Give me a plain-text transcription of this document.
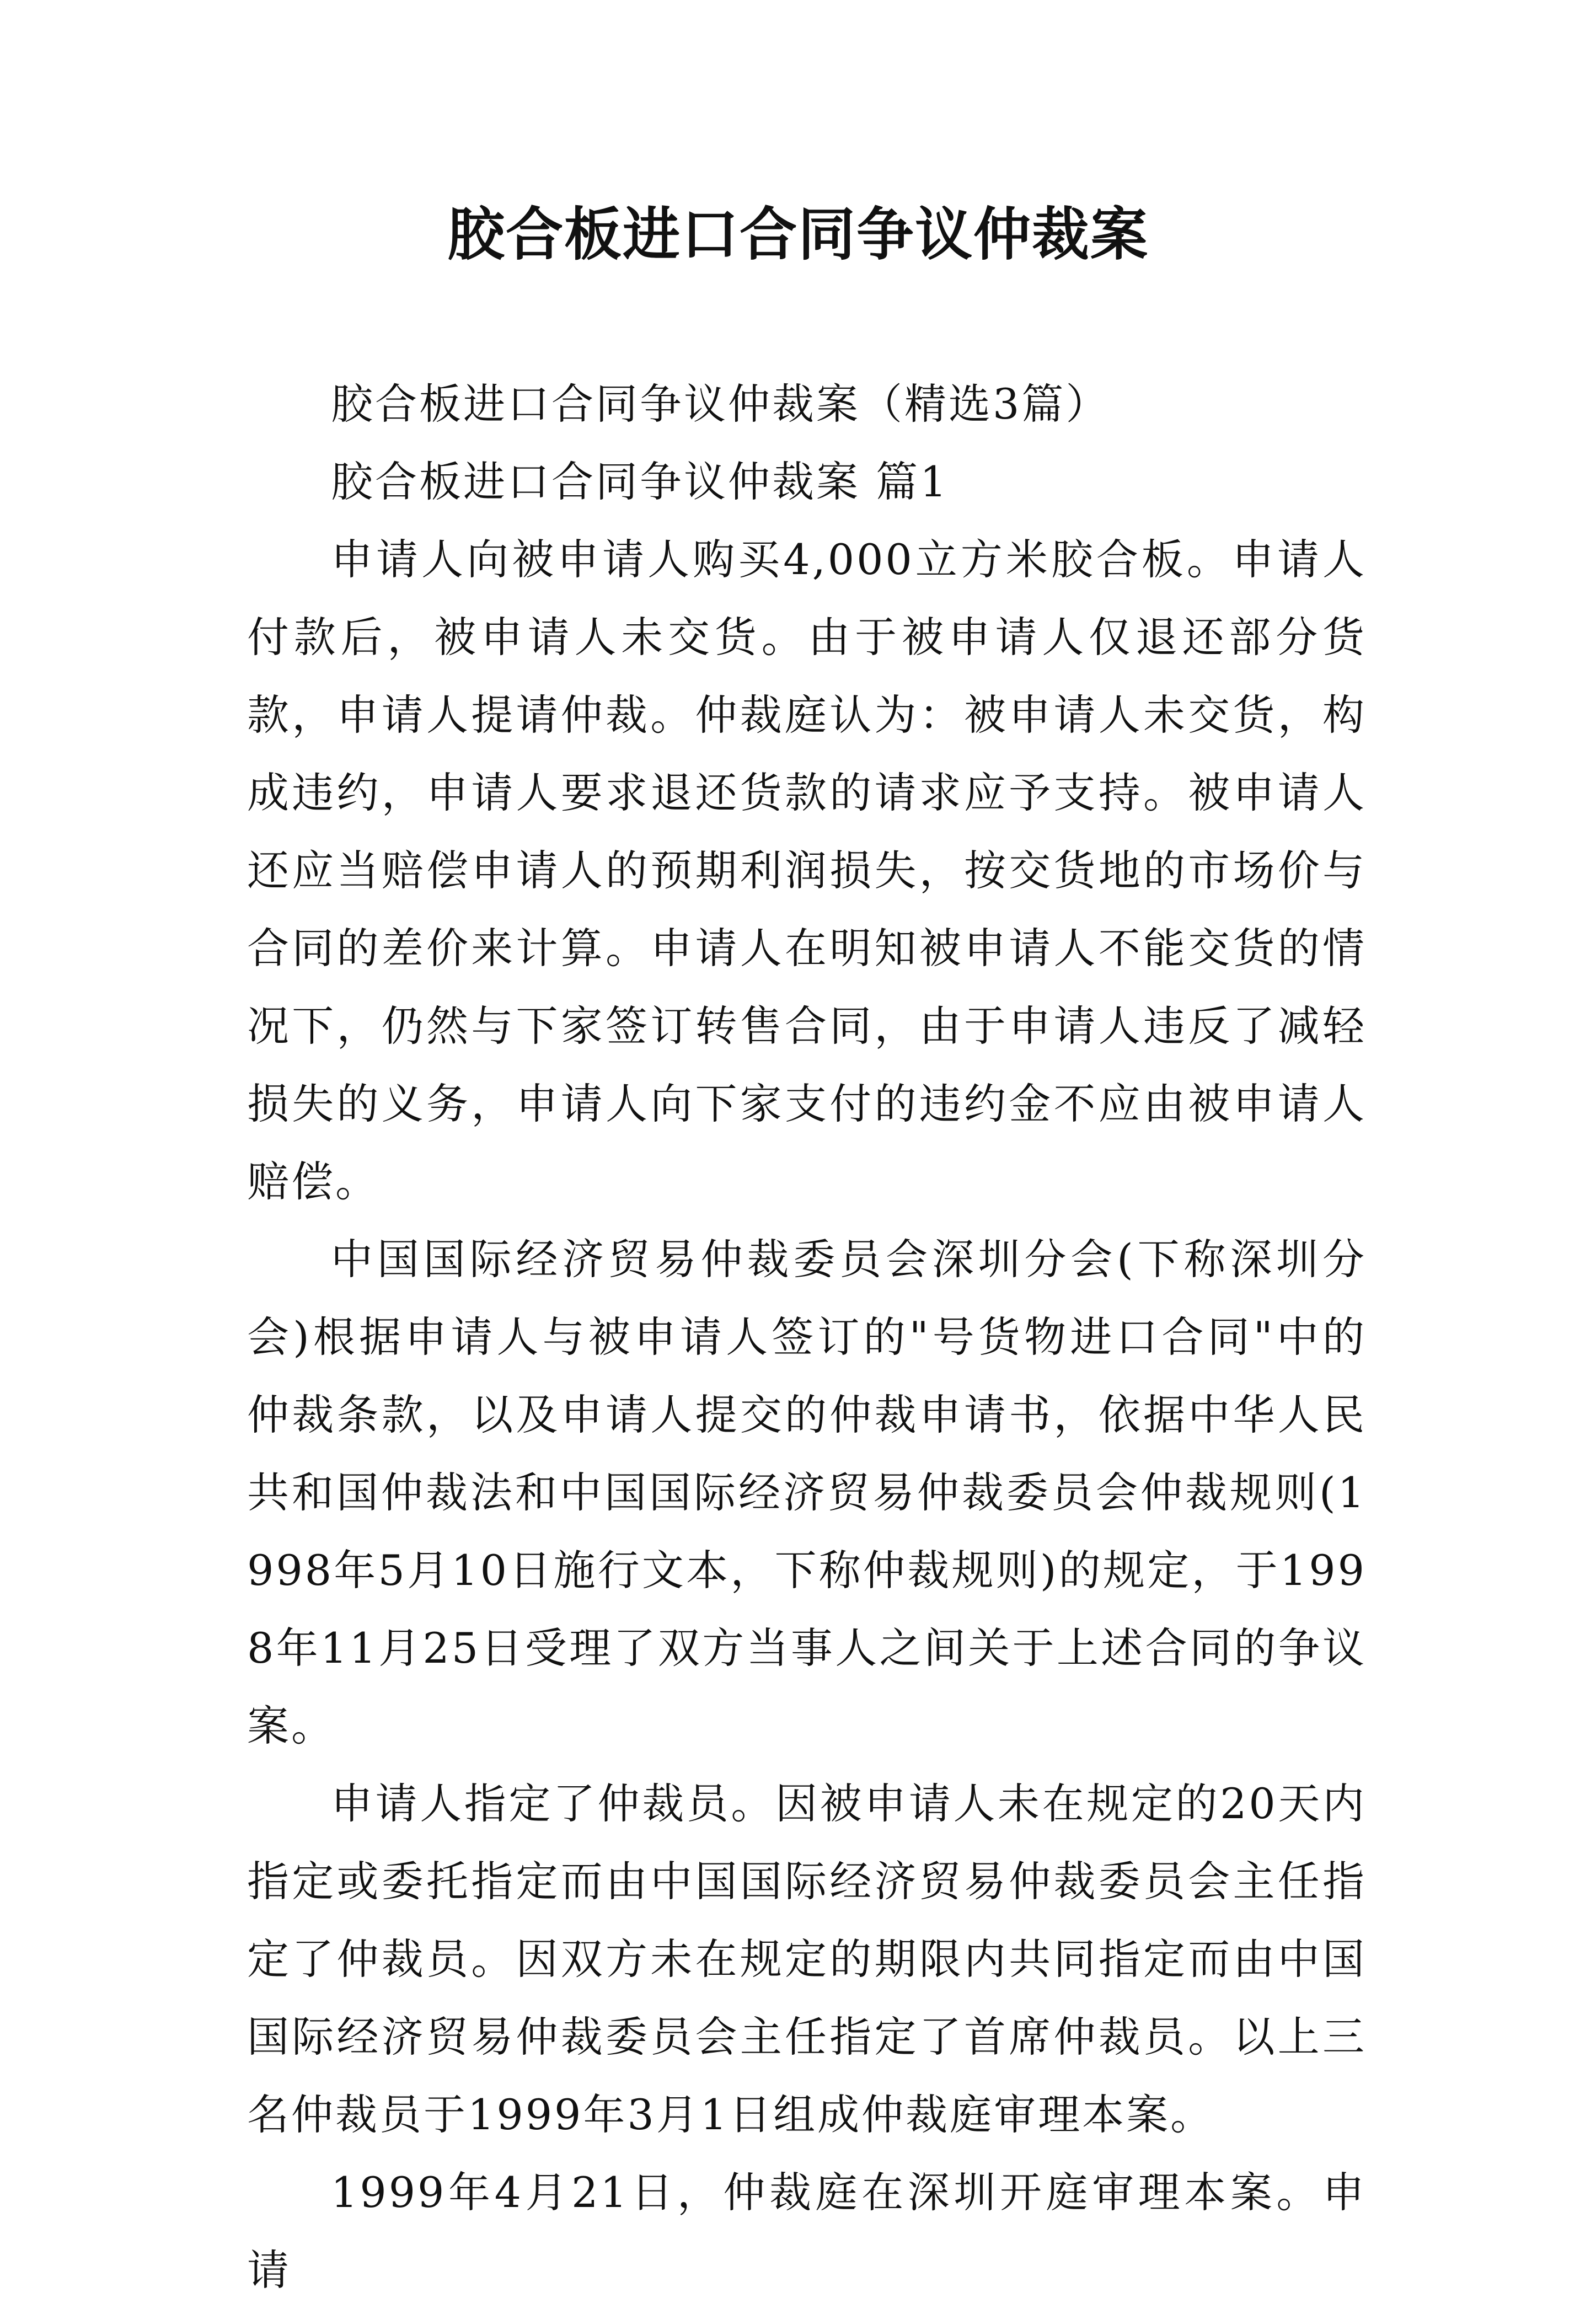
胶合板进口合同争议仲裁案

胶合板进口合同争议仲裁案（精选3篇）

胶合板进口合同争议仲裁案 篇1

申请人向被申请人购买4,000立方米胶合板。申请人付款后，被申请人未交货。由于被申请人仅退还部分货款，申请人提请仲裁。仲裁庭认为：被申请人未交货，构成违约，申请人要求退还货款的请求应予支持。被申请人还应当赔偿申请人的预期利润损失，按交货地的市场价与合同的差价来计算。申请人在明知被申请人不能交货的情况下，仍然与下家签订转售合同，由于申请人违反了减轻损失的义务，申请人向下家支付的违约金不应由被申请人赔偿。

中国国际经济贸易仲裁委员会深圳分会(下称深圳分会)根据申请人与被申请人签订的"号货物进口合同"中的仲裁条款，以及申请人提交的仲裁申请书，依据中华人民共和国仲裁法和中国国际经济贸易仲裁委员会仲裁规则(1998年5月10日施行文本，下称仲裁规则)的规定，于1998年11月25日受理了双方当事人之间关于上述合同的争议案。

申请人指定了仲裁员。因被申请人未在规定的20天内指定或委托指定而由中国国际经济贸易仲裁委员会主任指定了仲裁员。因双方未在规定的期限内共同指定而由中国国际经济贸易仲裁委员会主任指定了首席仲裁员。以上三名仲裁员于1999年3月1日组成仲裁庭审理本案。

1999年4月21日，仲裁庭在深圳开庭审理本案。申请
